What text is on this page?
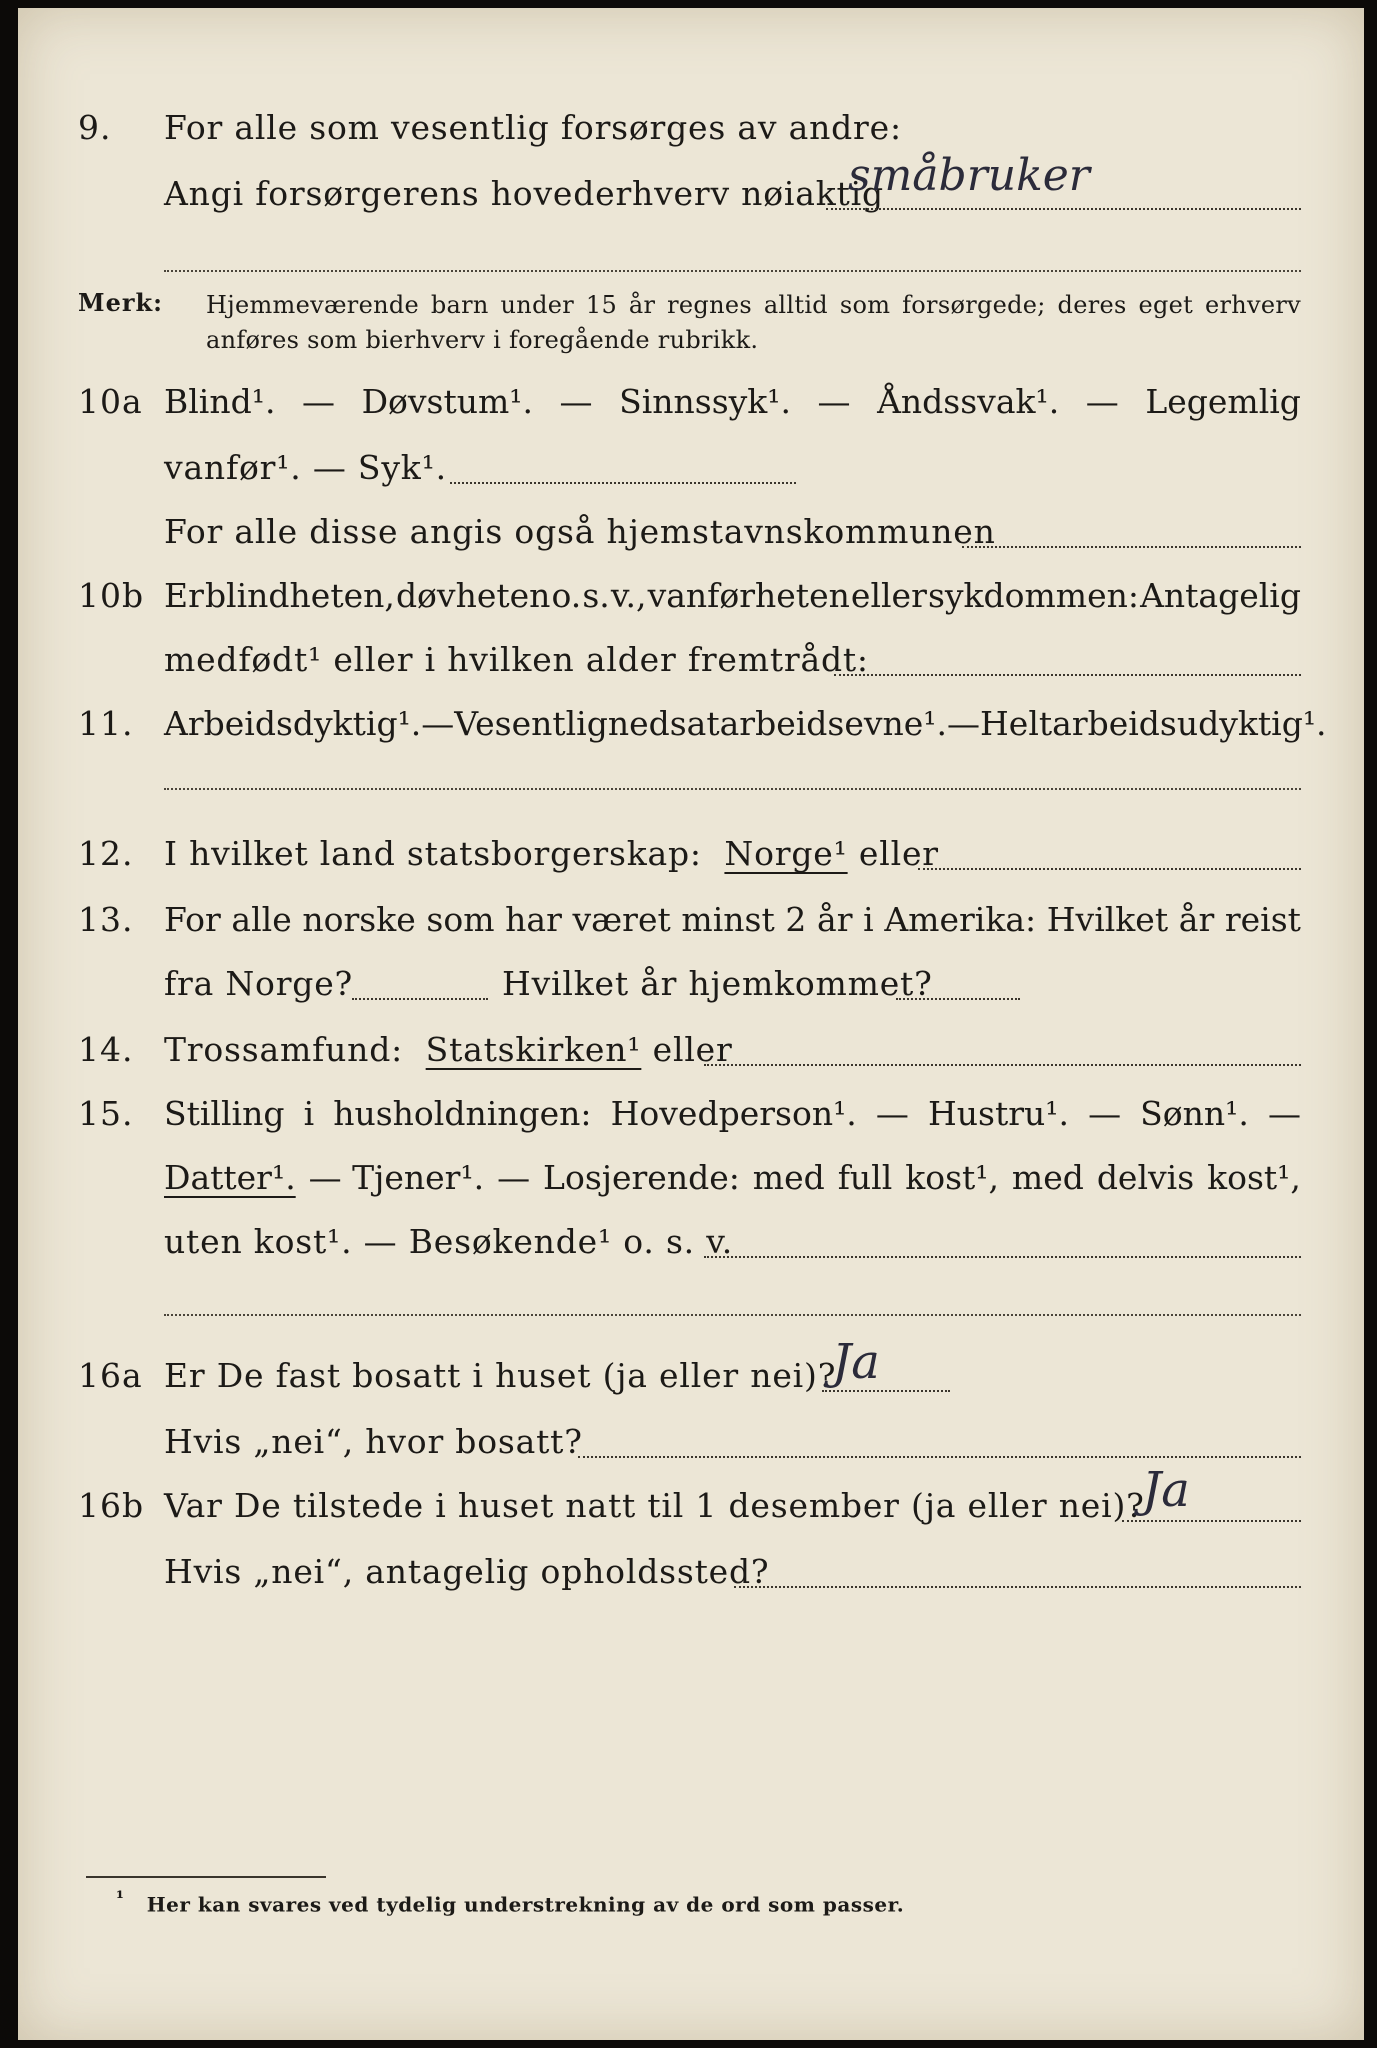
9. For alle som vesentlig forsørges av andre:
Angi forsørgerens hovederhverv nøiaktig
småbruker
Merk: Hjemmeværende barn under 15 år regnes alltid som forsørgede; deres eget erhverv anføres som bierhverv i foregående rubrikk.
10a Blind¹. — Døvstum¹. — Sinnssyk¹. — Åndssvak¹. — Legemlig
vanfør¹. — Syk¹.
For alle disse angis også hjemstavnskommunen
10b Er blindheten, døvheten o. s. v., vanførheten eller sykdommen: Antagelig
medfødt¹ eller i hvilken alder fremtrådt:
11. Arbeidsdyktig¹. — Vesentlig nedsat arbeidsevne¹. — Helt arbeidsudyktig¹.
12. I hvilket land statsborgerskap: Norge¹ eller
13. For alle norske som har været minst 2 år i Amerika: Hvilket år reist
fra Norge?	Hvilket år hjemkommet?
14. Trossamfund: Statskirken¹ eller
15. Stilling i husholdningen: Hovedperson¹. — Hustru¹. — Sønn¹. —
Datter¹. — Tjener¹. — Losjerende: med full kost¹, med delvis kost¹,
uten kost¹. — Besøkende¹ o. s. v.
16a Er De fast bosatt i huset (ja eller nei)?
Ja
Hvis „nei“, hvor bosatt?
16b Var De tilstede i huset natt til 1 desember (ja eller nei)?
Ja
Hvis „nei“, antagelig opholdssted?
$^{^1}$ Her kan svares ved tydelig understrekning av de ord som passer.
